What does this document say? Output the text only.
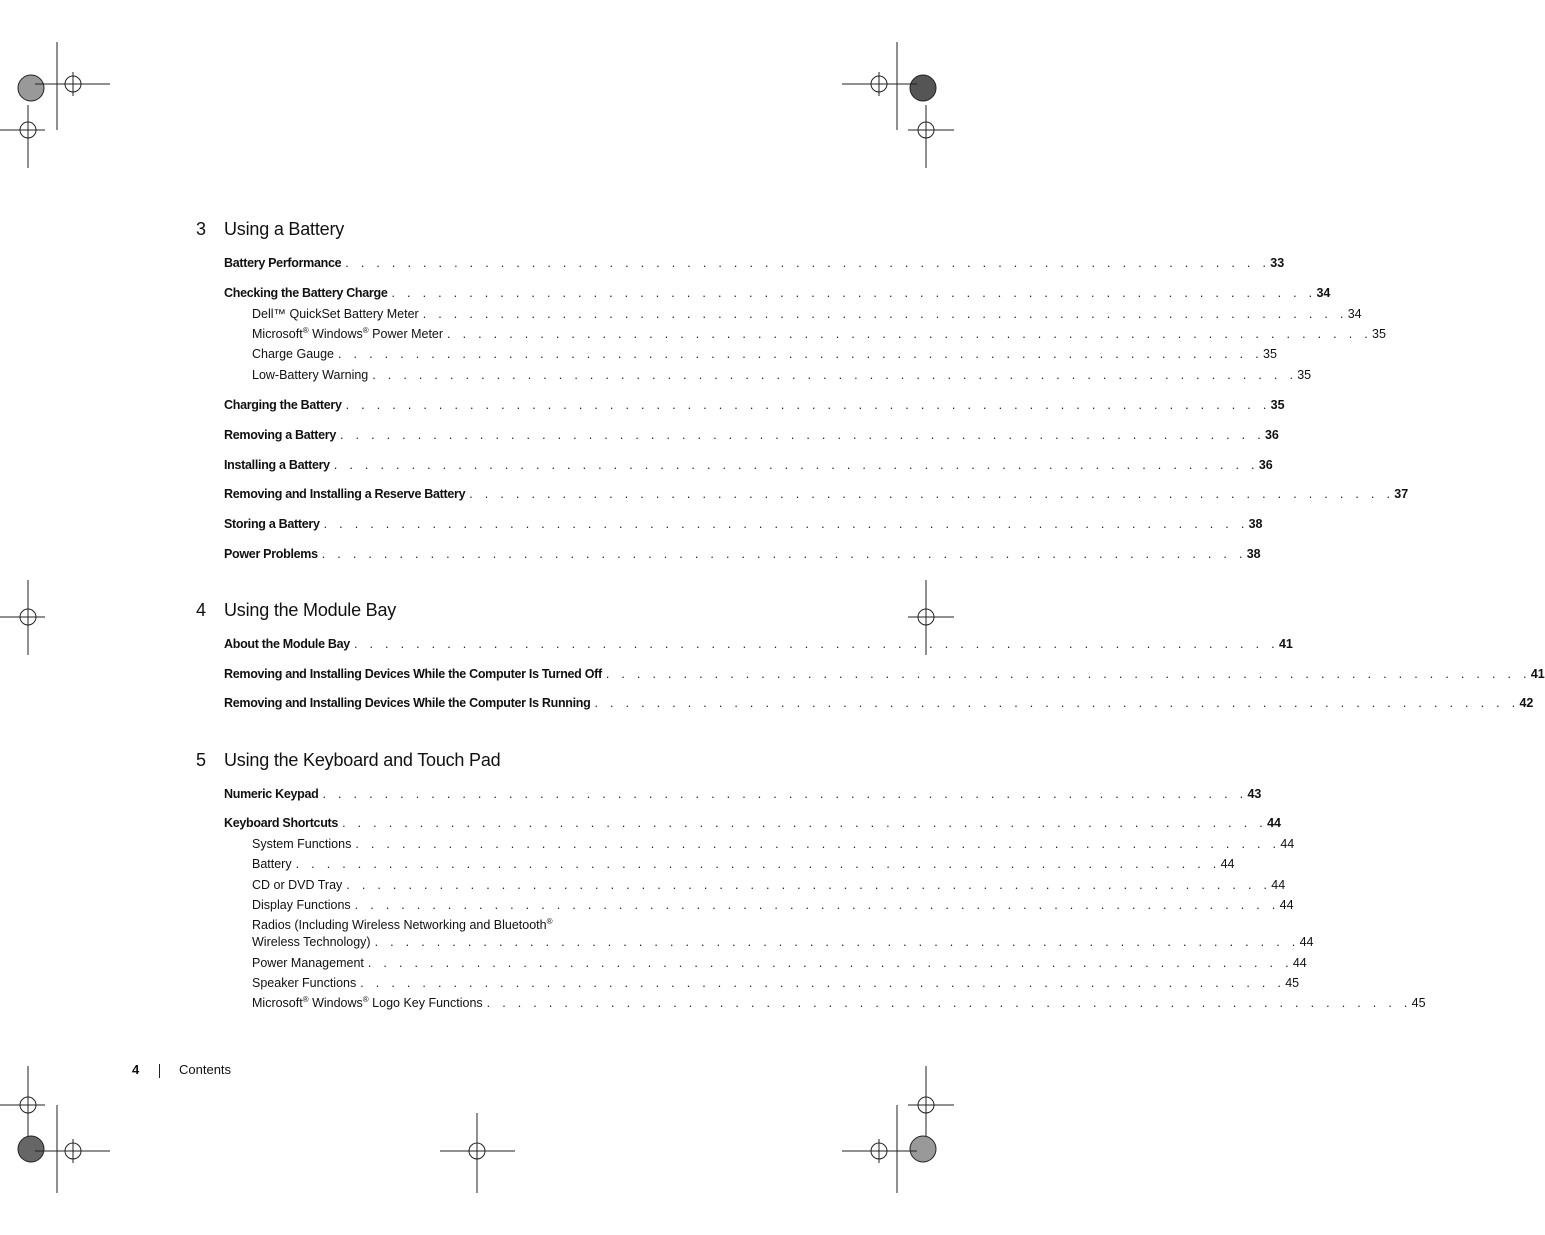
3 Using a Battery
Battery Performance . . . . . . . . . . . . . . . . . . . . . . . . . . . . . . . . . . . . . . . . . . . . . . . . . . . . . . . . . . . . 33
Checking the Battery Charge . . . . . . . . . . . . . . . . . . . . . . . . . . . . . . . . . . . . . . . . . . . . . . . . . . . . . . . . . . . . 34
Dell™ QuickSet Battery Meter . . . . . . . . . . . . . . . . . . . . . . . . . . . . . . . . . . . . . . . . . . . . . . . . . . . . . . . . . . . . 34
Microsoft® Windows® Power Meter . . . . . . . . . . . . . . . . . . . . . . . . . . . . . . . . . . . . . . . . . . . . . . . . . . . . . . . . . . . . 35
Charge Gauge . . . . . . . . . . . . . . . . . . . . . . . . . . . . . . . . . . . . . . . . . . . . . . . . . . . . . . . . . . . . 35
Low-Battery Warning . . . . . . . . . . . . . . . . . . . . . . . . . . . . . . . . . . . . . . . . . . . . . . . . . . . . . . . . . . . . 35
Charging the Battery . . . . . . . . . . . . . . . . . . . . . . . . . . . . . . . . . . . . . . . . . . . . . . . . . . . . . . . . . . . . 35
Removing a Battery . . . . . . . . . . . . . . . . . . . . . . . . . . . . . . . . . . . . . . . . . . . . . . . . . . . . . . . . . . . . 36
Installing a Battery . . . . . . . . . . . . . . . . . . . . . . . . . . . . . . . . . . . . . . . . . . . . . . . . . . . . . . . . . . . . 36
Removing and Installing a Reserve Battery . . . . . . . . . . . . . . . . . . . . . . . . . . . . . . . . . . . . . . . . . . . . . . . . . . . . . . . . . . . . 37
Storing a Battery . . . . . . . . . . . . . . . . . . . . . . . . . . . . . . . . . . . . . . . . . . . . . . . . . . . . . . . . . . . . 38
Power Problems . . . . . . . . . . . . . . . . . . . . . . . . . . . . . . . . . . . . . . . . . . . . . . . . . . . . . . . . . . . . 38
4 Using the Module Bay
About the Module Bay . . . . . . . . . . . . . . . . . . . . . . . . . . . . . . . . . . . . . . . . . . . . . . . . . . . . . . . . . . . . 41
Removing and Installing Devices While the Computer Is Turned Off . . . . . . . . . . . . . . . . . . . . . . . . . . . . . . . . . . . . . . . . . . . . . . . . . . . . . . . . . . . . 41
Removing and Installing Devices While the Computer Is Running . . . . . . . . . . . . . . . . . . . . . . . . . . . . . . . . . . . . . . . . . . . . . . . . . . . . . . . . . . . . 42
5 Using the Keyboard and Touch Pad
Numeric Keypad . . . . . . . . . . . . . . . . . . . . . . . . . . . . . . . . . . . . . . . . . . . . . . . . . . . . . . . . . . . . 43
Keyboard Shortcuts . . . . . . . . . . . . . . . . . . . . . . . . . . . . . . . . . . . . . . . . . . . . . . . . . . . . . . . . . . . . 44
System Functions . . . . . . . . . . . . . . . . . . . . . . . . . . . . . . . . . . . . . . . . . . . . . . . . . . . . . . . . . . . . 44
Battery . . . . . . . . . . . . . . . . . . . . . . . . . . . . . . . . . . . . . . . . . . . . . . . . . . . . . . . . . . . . 44
CD or DVD Tray . . . . . . . . . . . . . . . . . . . . . . . . . . . . . . . . . . . . . . . . . . . . . . . . . . . . . . . . . . . . 44
Display Functions . . . . . . . . . . . . . . . . . . . . . . . . . . . . . . . . . . . . . . . . . . . . . . . . . . . . . . . . . . . . 44
Radios (Including Wireless Networking and Bluetooth®
Wireless Technology) . . . . . . . . . . . . . . . . . . . . . . . . . . . . . . . . . . . . . . . . . . . . . . . . . . . . . . . . . . . . 44
Power Management . . . . . . . . . . . . . . . . . . . . . . . . . . . . . . . . . . . . . . . . . . . . . . . . . . . . . . . . . . . . 44
Speaker Functions . . . . . . . . . . . . . . . . . . . . . . . . . . . . . . . . . . . . . . . . . . . . . . . . . . . . . . . . . . . . 45
Microsoft® Windows® Logo Key Functions . . . . . . . . . . . . . . . . . . . . . . . . . . . . . . . . . . . . . . . . . . . . . . . . . . . . . . . . . . . . 45
4	Contents
